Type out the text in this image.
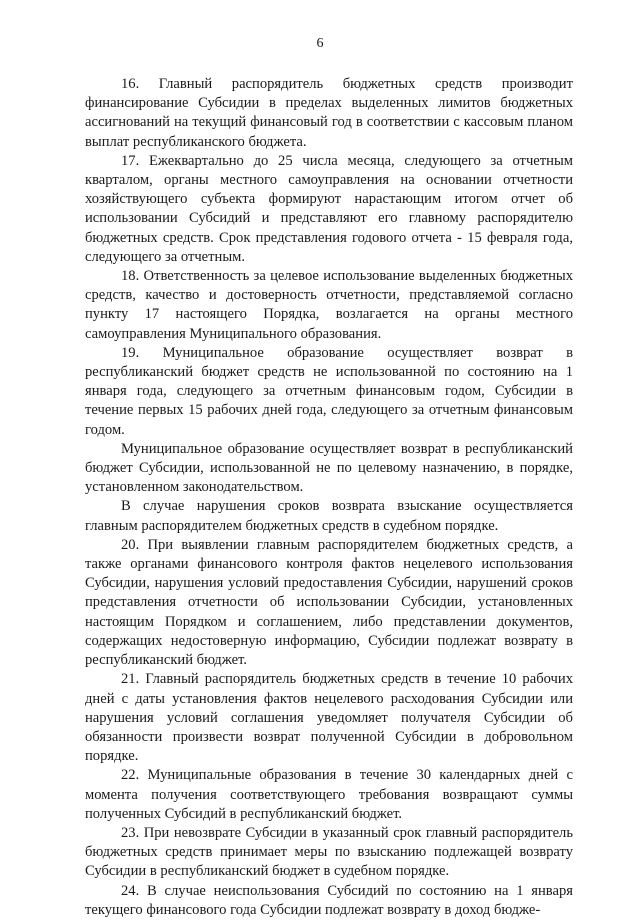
6

16. Главный распорядитель бюджетных средств производит финансирование Субсидии в пределах выделенных лимитов бюджетных ассигнований на текущий финансовый год в соответствии с кассовым планом выплат республиканского бюджета.

17. Ежеквартально до 25 числа месяца, следующего за отчетным кварталом, органы местного самоуправления на основании отчетности хозяйствующего субъекта формируют нарастающим итогом отчет об использовании Субсидий и представляют его главному распорядителю бюджетных средств. Срок представления годового отчета - 15 февраля года, следующего за отчетным.

18. Ответственность за целевое использование выделенных бюджетных средств, качество и достоверность отчетности, представляемой согласно пункту 17 настоящего Порядка, возлагается на органы местного самоуправления Муниципального образования.

19. Муниципальное образование осуществляет возврат в республиканский бюджет средств не использованной по состоянию на 1 января года, следующего за отчетным финансовым годом, Субсидии в течение первых 15 рабочих дней года, следующего за отчетным финансовым годом.

Муниципальное образование осуществляет возврат в республиканский бюджет Субсидии, использованной не по целевому назначению, в порядке, установленном законодательством.

В случае нарушения сроков возврата взыскание осуществляется главным распорядителем бюджетных средств в судебном порядке.

20. При выявлении главным распорядителем бюджетных средств, а также органами финансового контроля фактов нецелевого использования Субсидии, нарушения условий предоставления Субсидии, нарушений сроков представления отчетности об использовании Субсидии, установленных настоящим Порядком и соглашением, либо представлении документов, содержащих недостоверную информацию, Субсидии подлежат возврату в республиканский бюджет.

21. Главный распорядитель бюджетных средств в течение 10 рабочих дней с даты установления фактов нецелевого расходования Субсидии или нарушения условий соглашения уведомляет получателя Субсидии об обязанности произвести возврат полученной Субсидии в добровольном порядке.

22. Муниципальные образования в течение 30 календарных дней с момента получения соответствующего требования возвращают суммы полученных Субсидий в республиканский бюджет.

23. При невозврате Субсидии в указанный срок главный распорядитель бюджетных средств принимает меры по взысканию подлежащей возврату Субсидии в республиканский бюджет в судебном порядке.

24. В случае неиспользования Субсидий по состоянию на 1 января текущего финансового года Субсидии подлежат возврату в доход бюдже-
